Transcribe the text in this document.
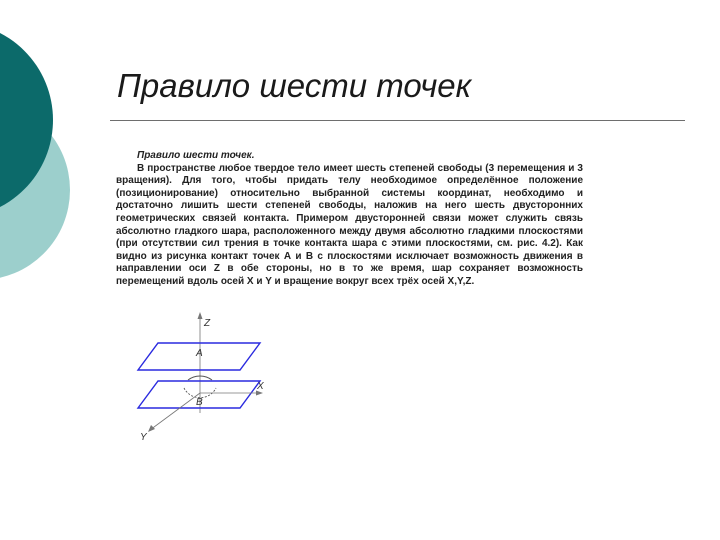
Правило шести точек

Правило шести точек.

В пространстве любое твердое тело имеет шесть степеней свободы (3 перемещения и 3 вращения). Для того, чтобы придать телу необходимое определённое положение (позиционирование) относительно выбранной системы координат, необходимо и достаточно лишить шести степеней свободы, наложив на него шесть двусторонних геометрических связей контакта. Примером двусторонней связи может служить связь абсолютно гладкого шара, расположенного между двумя абсолютно гладкими плоскостями (при отсутствии сил трения в точке контакта шара с этими плоскостями, см. рис. 4.2). Как видно из рисунка контакт точек А и В с плоскостями исключает возможность движения в направлении оси Z в обе стороны, но в то же время, шар сохраняет возможность перемещений вдоль осей X и Y и вращение вокруг всех трёх осей X,Y,Z.

Z
A
B
X
Y
